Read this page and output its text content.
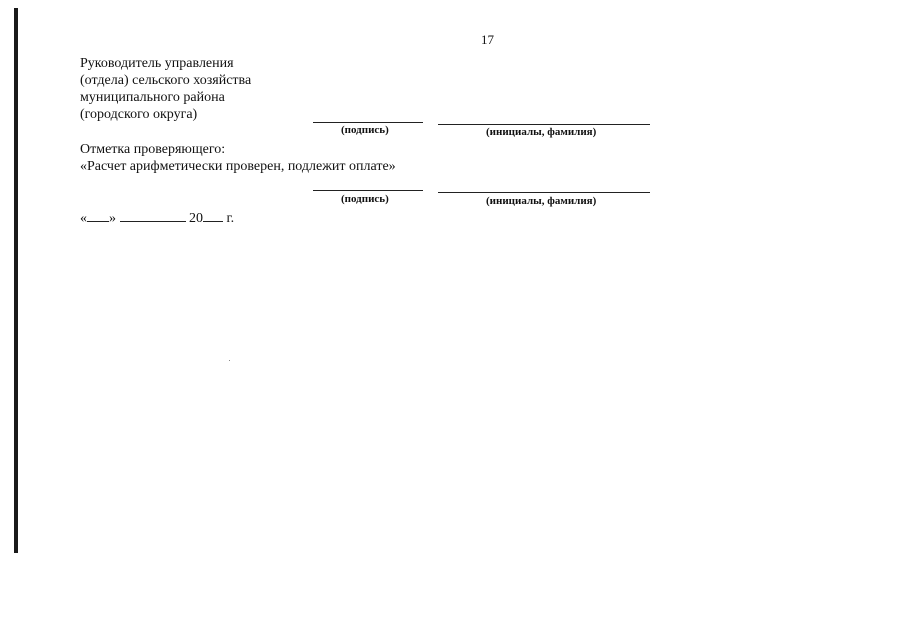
17
Руководитель управления
(отдела) сельского хозяйства
муниципального района
(городского округа)
(подпись)	(инициалы, фамилия)
Отметка проверяющего:
«Расчет арифметически проверен, подлежит оплате»
(подпись)	(инициалы, фамилия)
« »	20 г.
